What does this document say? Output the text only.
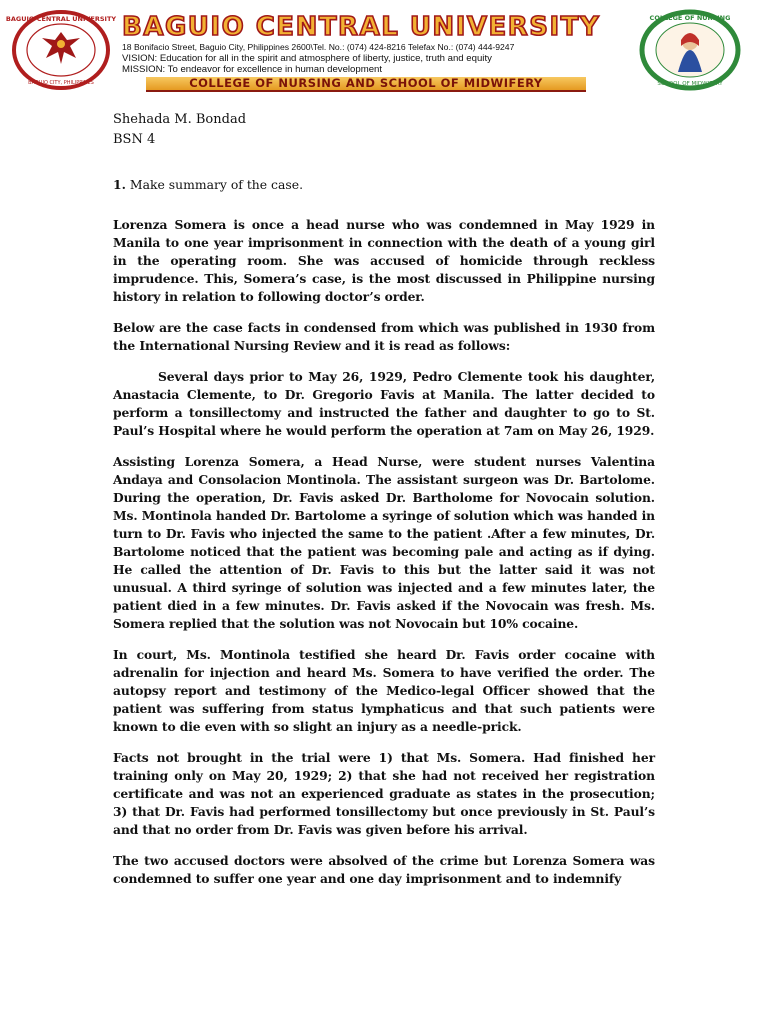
BAGUIO CENTRAL UNIVERSITY
BAGUIO CITY, PHILIPPINES
BAGUIO CENTRAL UNIVERSITY
18 Bonifacio Street, Baguio City, Philippines 2600\Tel. No.: (074) 424-8216 Telefax No.: (074) 444-9247
VISION: Education for all in the spirit and atmosphere of liberty, justice, truth and equity
MISSION: To endeavor for excellence in human development
COLLEGE OF NURSING AND SCHOOL OF MIDWIFERY
COLLEGE OF NURSING
SCHOOL OF MIDWIFERY

Shehada M. Bondad

BSN 4

1. Make summary of the case.

Lorenza Somera is once a head nurse who was condemned in May 1929 in Manila to one year imprisonment in connection with the death of a young girl in the operating room. She was accused of homicide through reckless imprudence. This, Somera’s case, is the most discussed in Philippine nursing history in relation to following doctor’s order.

Below are the case facts in condensed from which was published in 1930 from the International Nursing Review and it is read as follows:

Several days prior to May 26, 1929, Pedro Clemente took his daughter, Anastacia Clemente, to Dr. Gregorio Favis at Manila. The latter decided to perform a tonsillectomy and instructed the father and daughter to go to St. Paul’s Hospital where he would perform the operation at 7am on May 26, 1929.

Assisting Lorenza Somera, a Head Nurse, were student nurses Valentina Andaya and Consolacion Montinola. The assistant surgeon was Dr. Bartolome. During the operation, Dr. Favis asked Dr. Bartholome for Novocain solution. Ms. Montinola handed Dr. Bartolome a syringe of solution which was handed in turn to Dr. Favis who injected the same to the patient .After a few minutes, Dr. Bartolome noticed that the patient was becoming pale and acting as if dying. He called the attention of Dr. Favis to this but the latter said it was not unusual. A third syringe of solution was injected and a few minutes later, the patient died in a few minutes. Dr. Favis asked if the Novocain was fresh. Ms. Somera replied that the solution was not Novocain but 10% cocaine.

In court, Ms. Montinola testified she heard Dr. Favis order cocaine with adrenalin for injection and heard Ms. Somera to have verified the order. The autopsy report and testimony of the Medico-legal Officer showed that the patient was suffering from status lymphaticus and that such patients were known to die even with so slight an injury as a needle-prick.

Facts not brought in the trial were 1) that Ms. Somera. Had finished her training only on May 20, 1929; 2) that she had not received her registration certificate and was not an experienced graduate as states in the prosecution; 3) that Dr. Favis had performed tonsillectomy but once previously in St. Paul’s and that no order from Dr. Favis was given before his arrival.

The two accused doctors were absolved of the crime but Lorenza Somera was condemned to suffer one year and one day imprisonment and to indemnify
